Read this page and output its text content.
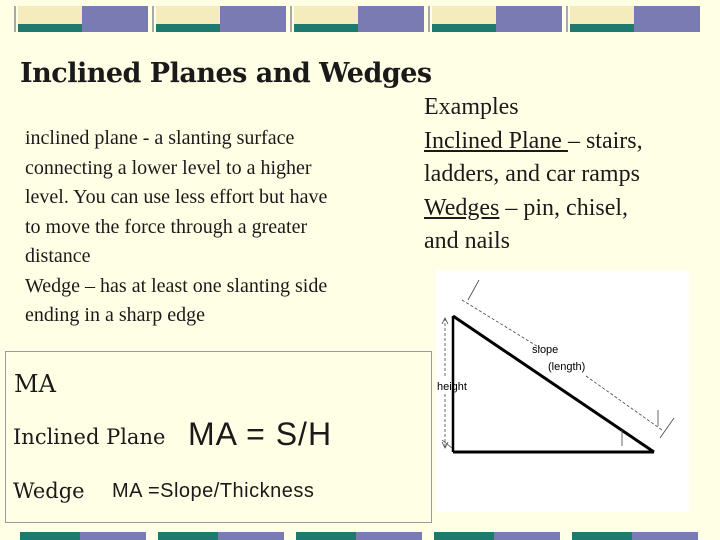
Inclined Planes and Wedges
inclined plane - a slanting surface
connecting a lower level to a higher
level. You can use less effort but have
to move the force through a greater
distance
Wedge – has at least one slanting side
ending in a sharp edge
Examples
Inclined Plane – stairs,
ladders, and car ramps
Wedges – pin, chisel,
and nails
MA
Inclined Plane MA = S/H
Wedge MA =Slope/Thickness
height
slope
(length)
